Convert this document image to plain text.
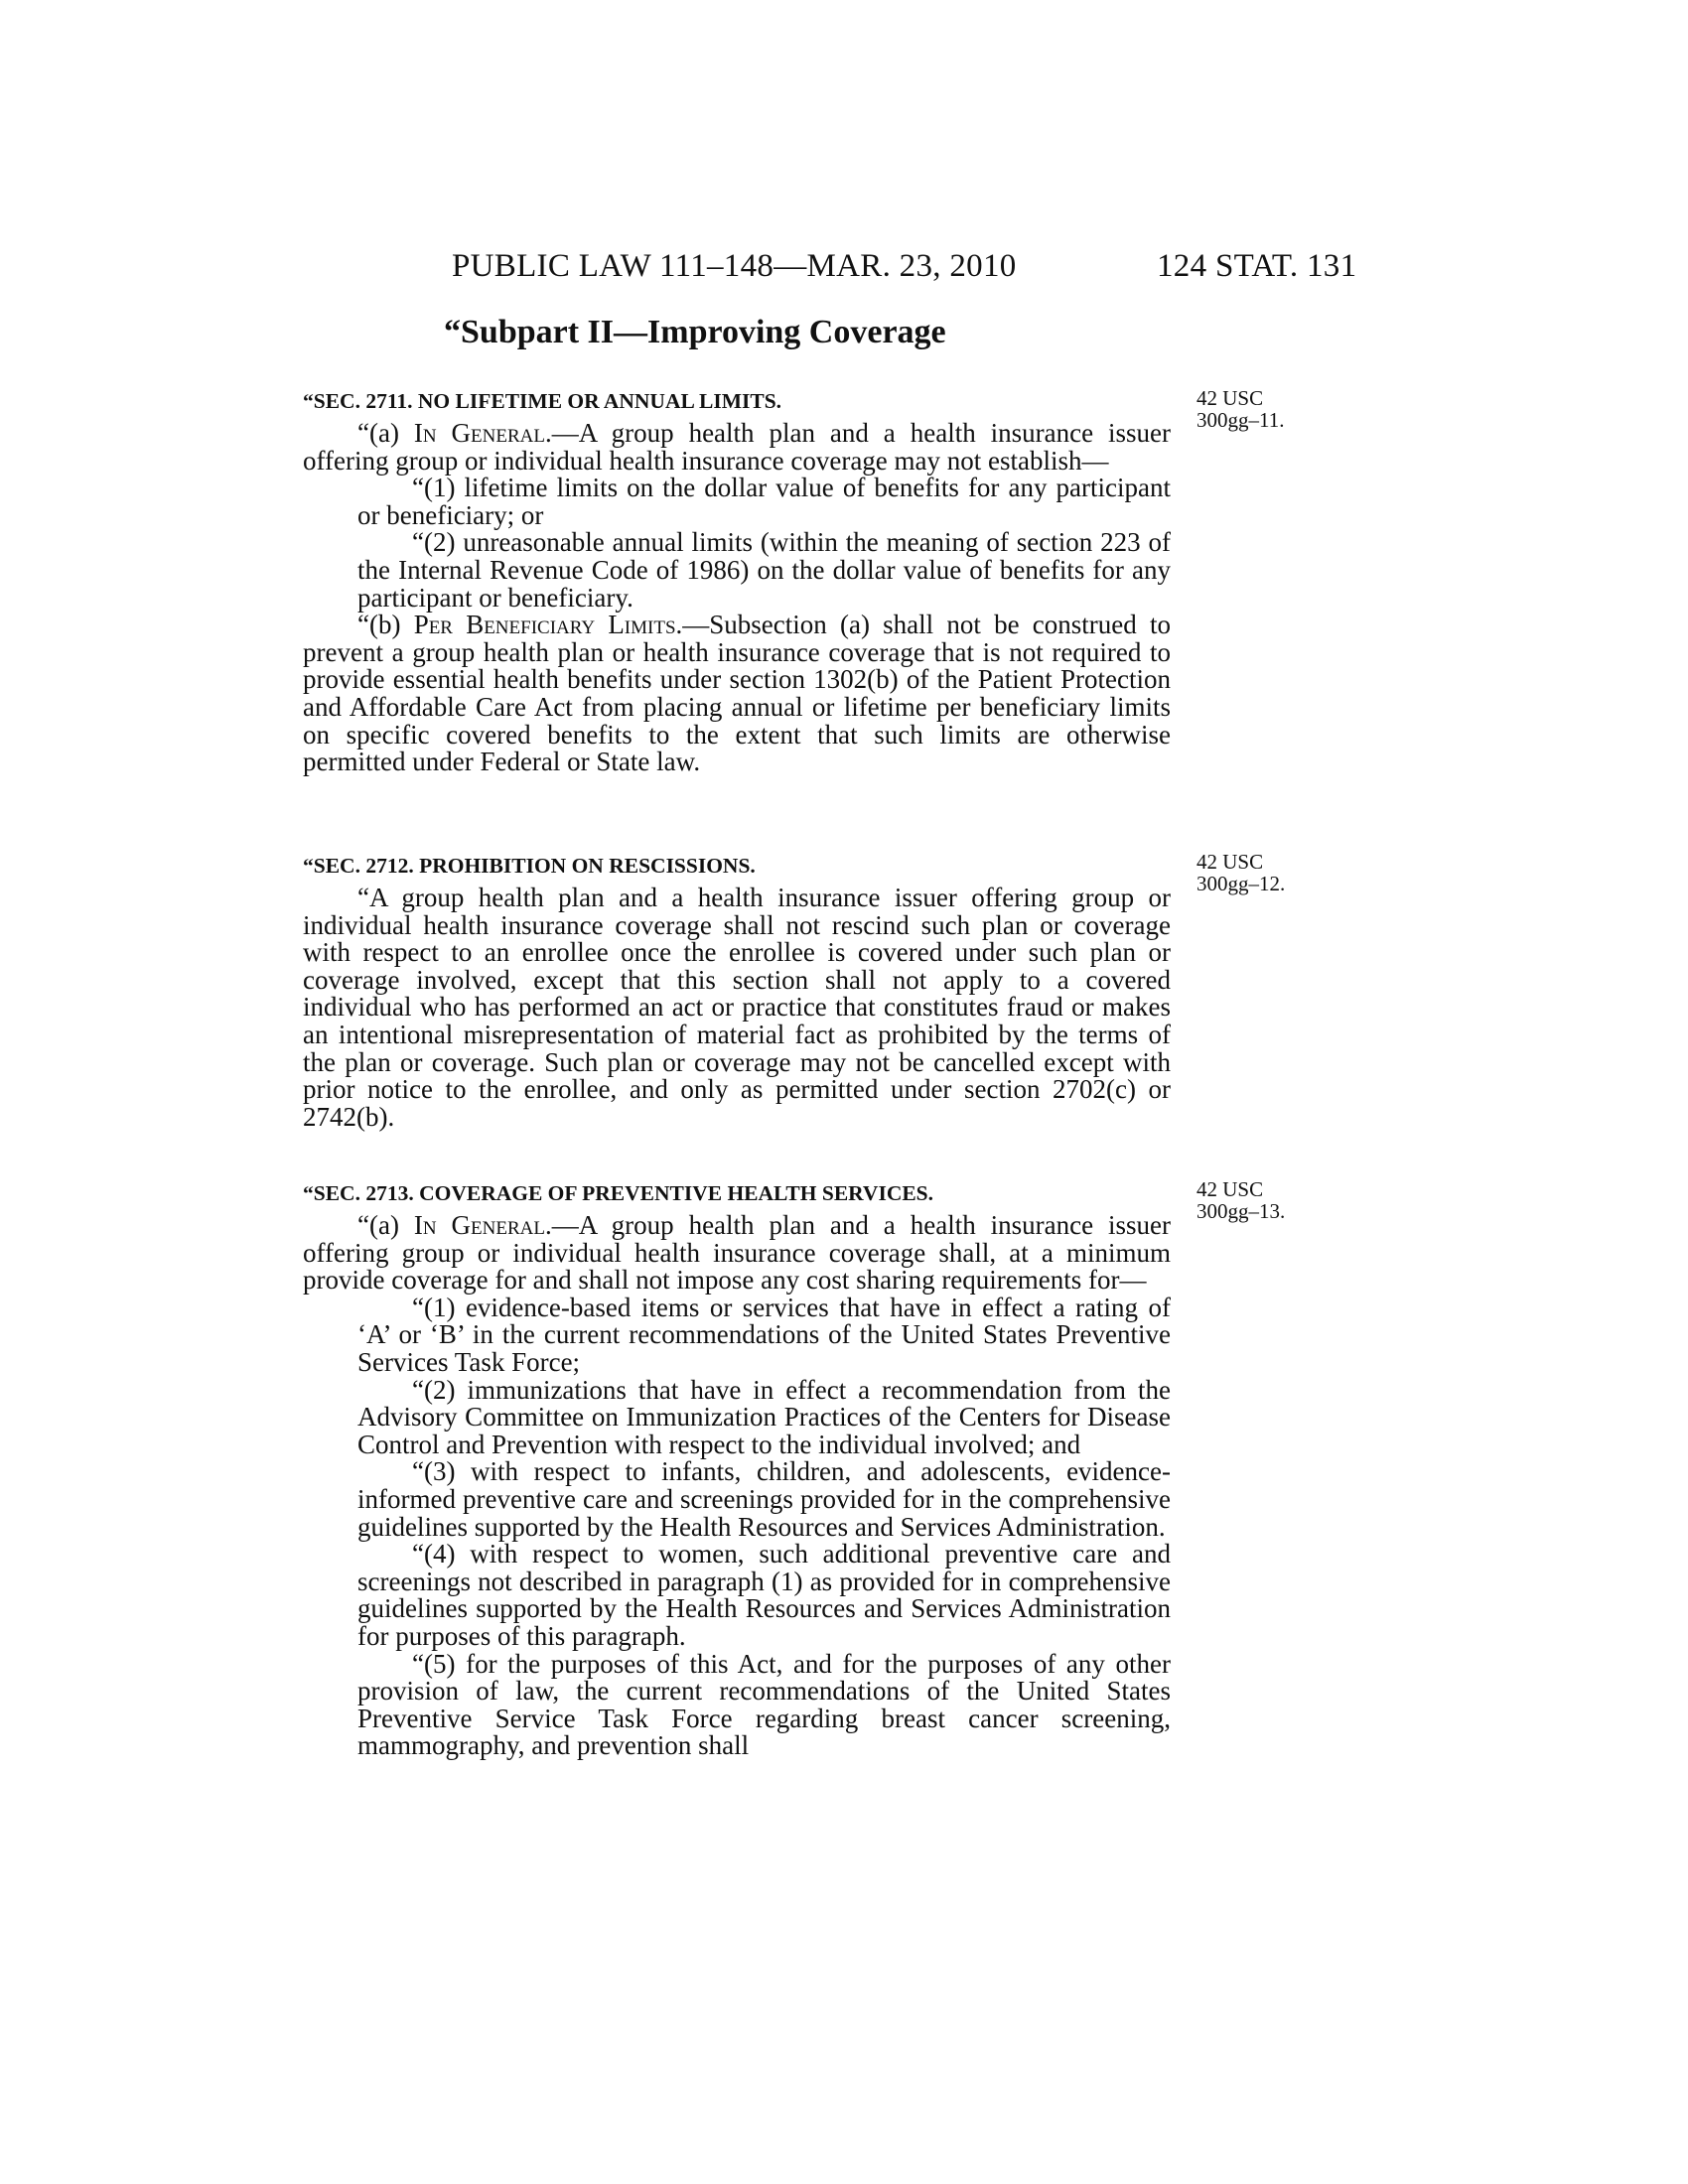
PUBLIC LAW 111–148—MAR. 23, 2010	124 STAT. 131
“Subpart II—Improving Coverage
42 USC
300gg–11.
“SEC. 2711. NO LIFETIME OR ANNUAL LIMITS.

“(a) In General.—A group health plan and a health insurance issuer offering group or individual health insurance coverage may not establish—

“(1) lifetime limits on the dollar value of benefits for any participant or beneficiary; or

“(2) unreasonable annual limits (within the meaning of section 223 of the Internal Revenue Code of 1986) on the dollar value of benefits for any participant or beneficiary.

“(b) Per Beneficiary Limits.—Subsection (a) shall not be construed to prevent a group health plan or health insurance coverage that is not required to provide essential health benefits under section 1302(b) of the Patient Protection and Affordable Care Act from placing annual or lifetime per beneficiary limits on specific covered benefits to the extent that such limits are otherwise permitted under Federal or State law.

42 USC
300gg–12.
“SEC. 2712. PROHIBITION ON RESCISSIONS.

“A group health plan and a health insurance issuer offering group or individual health insurance coverage shall not rescind such plan or coverage with respect to an enrollee once the enrollee is covered under such plan or coverage involved, except that this section shall not apply to a covered individual who has performed an act or practice that constitutes fraud or makes an intentional misrepresentation of material fact as prohibited by the terms of the plan or coverage. Such plan or coverage may not be cancelled except with prior notice to the enrollee, and only as permitted under section 2702(c) or 2742(b).

42 USC
300gg–13.
“SEC. 2713. COVERAGE OF PREVENTIVE HEALTH SERVICES.

“(a) In General.—A group health plan and a health insurance issuer offering group or individual health insurance coverage shall, at a minimum provide coverage for and shall not impose any cost sharing requirements for—

“(1) evidence-based items or services that have in effect a rating of ‘A’ or ‘B’ in the current recommendations of the United States Preventive Services Task Force;

“(2) immunizations that have in effect a recommendation from the Advisory Committee on Immunization Practices of the Centers for Disease Control and Prevention with respect to the individual involved; and

“(3) with respect to infants, children, and adolescents, evidence-informed preventive care and screenings provided for in the comprehensive guidelines supported by the Health Resources and Services Administration.

“(4) with respect to women, such additional preventive care and screenings not described in paragraph (1) as provided for in comprehensive guidelines supported by the Health Resources and Services Administration for purposes of this paragraph.

“(5) for the purposes of this Act, and for the purposes of any other provision of law, the current recommendations of the United States Preventive Service Task Force regarding breast cancer screening, mammography, and prevention shall
